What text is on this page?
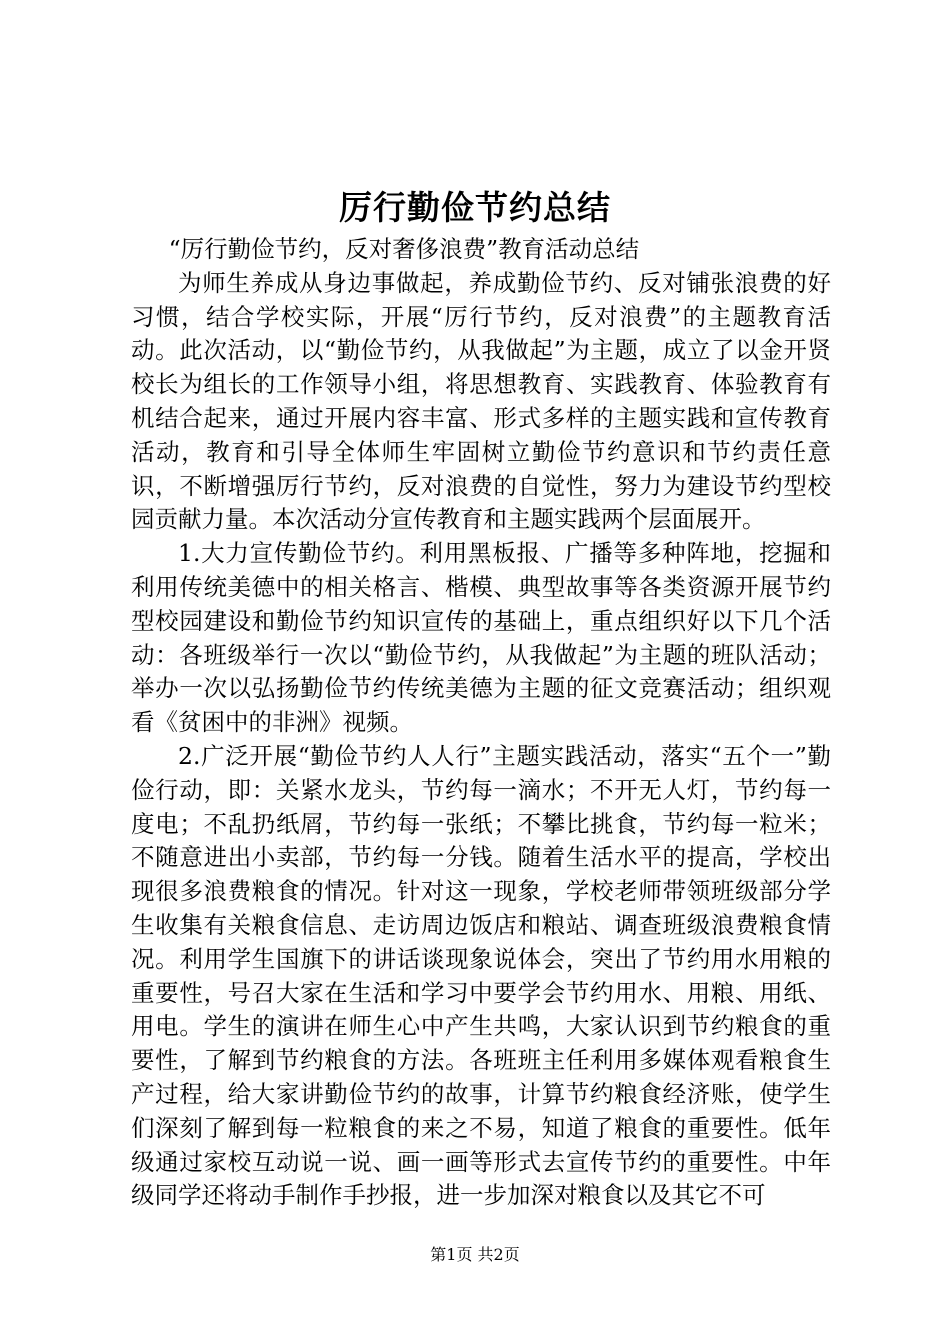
厉行勤俭节约总结

“厉行勤俭节约，反对奢侈浪费”教育活动总结

为师生养成从身边事做起，养成勤俭节约、反对铺张浪费的好习惯，结合学校实际，开展“厉行节约，反对浪费”的主题教育活动。此次活动，以“勤俭节约，从我做起”为主题，成立了以金开贤校长为组长的工作领导小组，将思想教育、实践教育、体验教育有机结合起来，通过开展内容丰富、形式多样的主题实践和宣传教育活动，教育和引导全体师生牢固树立勤俭节约意识和节约责任意识，不断增强厉行节约，反对浪费的自觉性，努力为建设节约型校园贡献力量。本次活动分宣传教育和主题实践两个层面展开。

1.大力宣传勤俭节约。利用黑板报、广播等多种阵地，挖掘和利用传统美德中的相关格言、楷模、典型故事等各类资源开展节约型校园建设和勤俭节约知识宣传的基础上，重点组织好以下几个活动：各班级举行一次以“勤俭节约，从我做起”为主题的班队活动；举办一次以弘扬勤俭节约传统美德为主题的征文竞赛活动；组织观看《贫困中的非洲》视频。

2.广泛开展“勤俭节约人人行”主题实践活动，落实“五个一”勤俭行动，即：关紧水龙头，节约每一滴水；不开无人灯，节约每一度电；不乱扔纸屑，节约每一张纸；不攀比挑食，节约每一粒米；不随意进出小卖部，节约每一分钱。随着生活水平的提高，学校出现很多浪费粮食的情况。针对这一现象，学校老师带领班级部分学生收集有关粮食信息、走访周边饭店和粮站、调查班级浪费粮食情况。利用学生国旗下的讲话谈现象说体会，突出了节约用水用粮的重要性，号召大家在生活和学习中要学会节约用水、用粮、用纸、用电。学生的演讲在师生心中产生共鸣，大家认识到节约粮食的重要性，了解到节约粮食的方法。各班班主任利用多媒体观看粮食生产过程，给大家讲勤俭节约的故事，计算节约粮食经济账，使学生们深刻了解到每一粒粮食的来之不易，知道了粮食的重要性。低年级通过家校互动说一说、画一画等形式去宣传节约的重要性。中年级同学还将动手制作手抄报，进一步加深对粮食以及其它不可

第1页 共2页
